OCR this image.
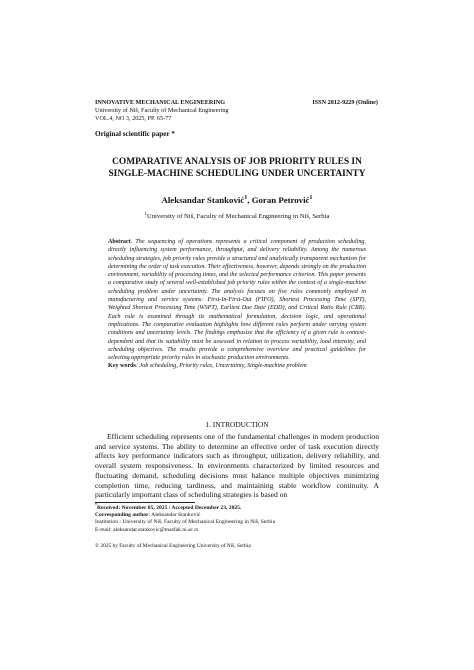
INNOVATIVE MECHANICAL ENGINEERING
University of Niš, Faculty of Mechanical Engineering
VOL.4, NO 3, 2025, PP. 65-77
ISSN 2812-9229 (Online)
Original scientific paper *
COMPARATIVE ANALYSIS OF JOB PRIORITY RULES IN
SINGLE-MACHINE SCHEDULING UNDER UNCERTAINTY
Aleksandar Stanković$^1$, Goran Petrović$^1$
$^1$University of Niš, Faculty of Mechanical Engineering in Niš, Serbia
Abstract. The sequencing of operations represents a critical component of production scheduling, directly influencing system performance, throughput, and delivery reliability. Among the numerous scheduling strategies, job priority rules provide a structured and analytically transparent mechanism for determining the order of task execution. Their effectiveness, however, depends strongly on the production environment, variability of processing times, and the selected performance criterion. This paper presents a comparative study of several well-established job priority rules within the context of a single-machine scheduling problem under uncertainty. The analysis focuses on five rules commonly employed in manufacturing and service systems: First-In-First-Out (FIFO), Shortest Processing Time (SPT), Weighted Shortest Processing Time (WSPT), Earliest Due Date (EDD), and Critical Ratio Rule (CRR). Each rule is examined through its mathematical formulation, decision logic, and operational implications. The comparative evaluation highlights how different rules perform under varying system conditions and uncertainty levels. The findings emphasize that the efficiency of a given rule is context-dependent and that its suitability must be assessed in relation to process variability, load intensity, and scheduling objectives. The results provide a comprehensive overview and practical guidelines for selecting appropriate priority rules in stochastic production environments.
Key words: Job scheduling, Priority rules, Uncertainty, Single-machine problem
1. INTRODUCTION
Efficient scheduling represents one of the fundamental challenges in modern production and service systems. The ability to determine an effective order of task execution directly affects key performance indicators such as throughput, utilization, delivery reliability, and overall system responsiveness. In environments characterized by limited resources and fluctuating demand, scheduling decisions must balance multiple objectives minimizing completion time, reducing tardiness, and maintaining stable workflow continuity. A particularly important class of scheduling strategies is based on
*Received: November 05, 2025 / Accepted December 23, 2025.
Corresponding author: Aleksandar Stanković
Institution : University of Niš, Faculty of Mechanical Engineering in Niš, Serbia
E-mail: aleksandar.stankovic@masfak.ni.ac.rs
© 2025 by Faculty of Mechanical Engineering University of Niš, Serbia
